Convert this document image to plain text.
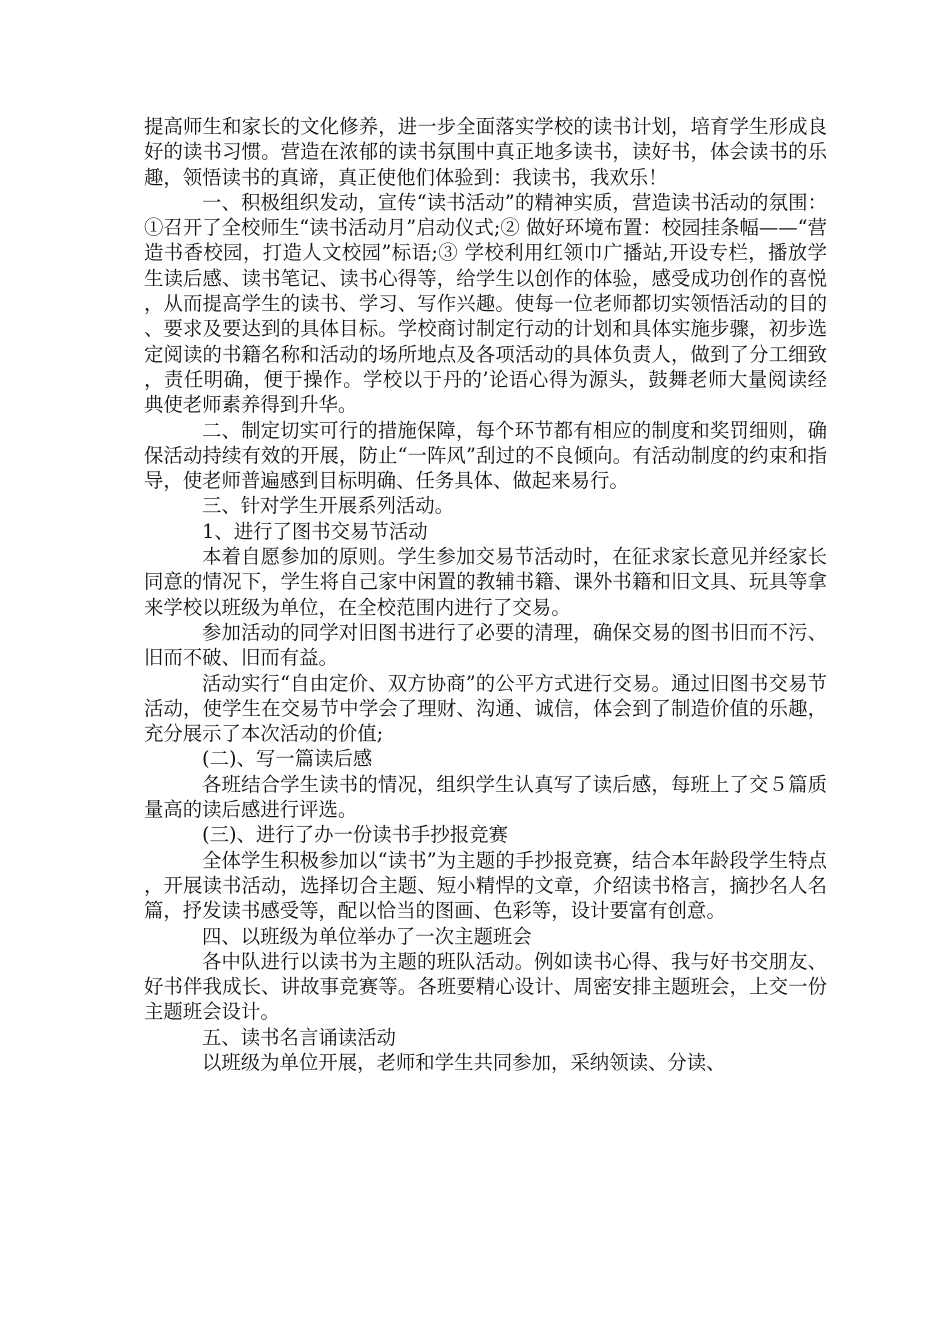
提高师生和家长的文化修养，进一步全面落实学校的读书计划，培育学生形成良好的读书习惯。营造在浓郁的读书氛围中真正地多读书，读好书，体会读书的乐趣，领悟读书的真谛，真正使他们体验到：我读书，我欢乐！

一、积极组织发动，宣传“读书活动”的精神实质，营造读书活动的氛围：①召开了全校师生“读书活动月”启动仪式;② 做好环境布置：校园挂条幅——“营造书香校园，打造人文校园”标语;③ 学校利用红领巾广播站,开设专栏，播放学生读后感、读书笔记、读书心得等，给学生以创作的体验，感受成功创作的喜悦，从而提高学生的读书、学习、写作兴趣。使每一位老师都切实领悟活动的目的、要求及要达到的具体目标。学校商讨制定行动的计划和具体实施步骤，初步选定阅读的书籍名称和活动的场所地点及各项活动的具体负责人，做到了分工细致，责任明确，便于操作。学校以于丹的’论语心得为源头，鼓舞老师大量阅读经典使老师素养得到升华。

二、制定切实可行的措施保障，每个环节都有相应的制度和奖罚细则，确保活动持续有效的开展，防止“一阵风”刮过的不良倾向。有活动制度的约束和指导，使老师普遍感到目标明确、任务具体、做起来易行。

三、针对学生开展系列活动。

1、进行了图书交易节活动

本着自愿参加的原则。学生参加交易节活动时，在征求家长意见并经家长同意的情况下，学生将自己家中闲置的教辅书籍、课外书籍和旧文具、玩具等拿来学校以班级为单位，在全校范围内进行了交易。

参加活动的同学对旧图书进行了必要的清理，确保交易的图书旧而不污、旧而不破、旧而有益。

活动实行“自由定价、双方协商”的公平方式进行交易。通过旧图书交易节活动，使学生在交易节中学会了理财、沟通、诚信，体会到了制造价值的乐趣，充分展示了本次活动的价值;

(二)、写一篇读后感

各班结合学生读书的情况，组织学生认真写了读后感，每班上了交５篇质量高的读后感进行评选。

(三)、进行了办一份读书手抄报竞赛

全体学生积极参加以“读书”为主题的手抄报竞赛，结合本年龄段学生特点，开展读书活动，选择切合主题、短小精悍的文章，介绍读书格言，摘抄名人名篇，抒发读书感受等，配以恰当的图画、色彩等，设计要富有创意。

四、以班级为单位举办了一次主题班会

各中队进行以读书为主题的班队活动。例如读书心得、我与好书交朋友、好书伴我成长、讲故事竞赛等。各班要精心设计、周密安排主题班会，上交一份主题班会设计。

五、读书名言诵读活动

以班级为单位开展，老师和学生共同参加，采纳领读、分读、
